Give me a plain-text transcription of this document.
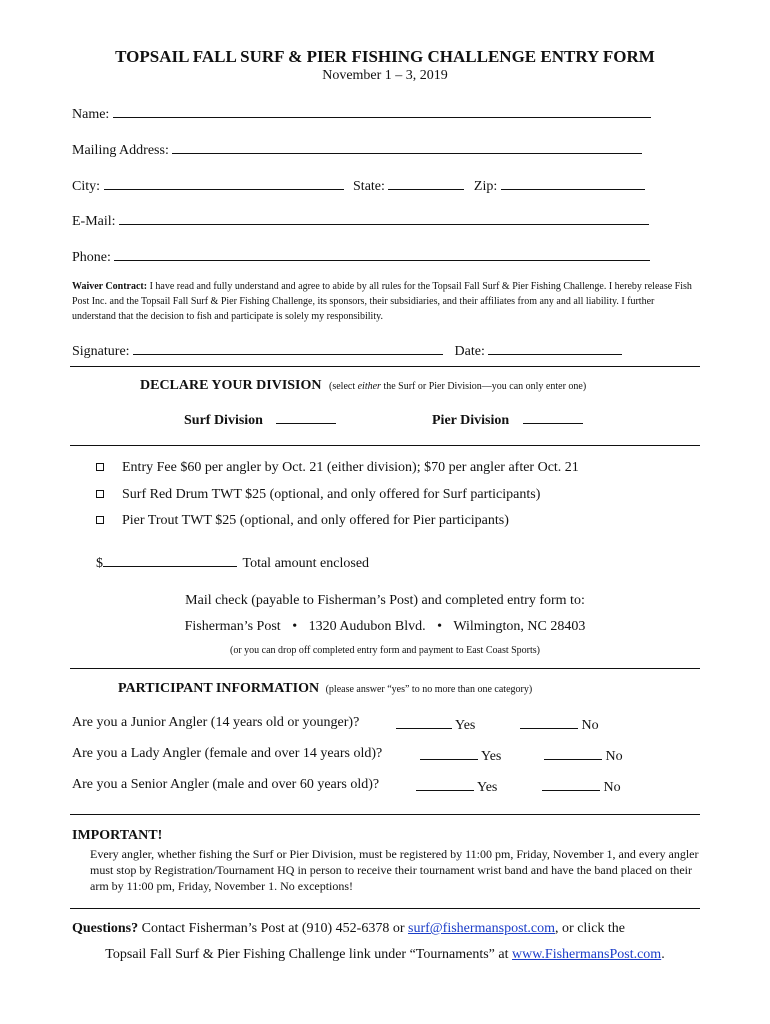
TOPSAIL FALL SURF & PIER FISHING CHALLENGE ENTRY FORM
November 1 – 3, 2019
Name:
Mailing Address:
City:	State:	Zip:
E-Mail:
Phone:
Waiver Contract: I have read and fully understand and agree to abide by all rules for the Topsail Fall Surf & Pier Fishing Challenge. I hereby release Fish Post Inc. and the Topsail Fall Surf & Pier Fishing Challenge, its sponsors, their subsidiaries, and their affiliates from any and all liability. I further understand that the decision to fish and participate is solely my responsibility.
Signature:	Date:
DECLARE YOUR DIVISION (select either the Surf or Pier Division—you can only enter one)
Surf Division	Pier Division
Entry Fee $60 per angler by Oct. 21 (either division); $70 per angler after Oct. 21
Surf Red Drum TWT $25 (optional, and only offered for Surf participants)
Pier Trout TWT $25 (optional, and only offered for Pier participants)
$	Total amount enclosed
Mail check (payable to Fisherman’s Post) and completed entry form to:
Fisherman’s Post • 1320 Audubon Blvd. • Wilmington, NC 28403
(or you can drop off completed entry form and payment to East Coast Sports)
PARTICIPANT INFORMATION (please answer “yes” to no more than one category)
Are you a Junior Angler (14 years old or younger)?	Yes	No
Are you a Lady Angler (female and over 14 years old)?	Yes	No
Are you a Senior Angler (male and over 60 years old)?	Yes	No
IMPORTANT!
Every angler, whether fishing the Surf or Pier Division, must be registered by 11:00 pm, Friday, November 1, and every angler must stop by Registration/Tournament HQ in person to receive their tournament wrist band and have the band placed on their arm by 11:00 pm, Friday, November 1. No exceptions!
Questions? Contact Fisherman’s Post at (910) 452-6378 or surf@fishermanspost.com, or click the
Topsail Fall Surf & Pier Fishing Challenge link under “Tournaments” at www.FishermansPost.com.
